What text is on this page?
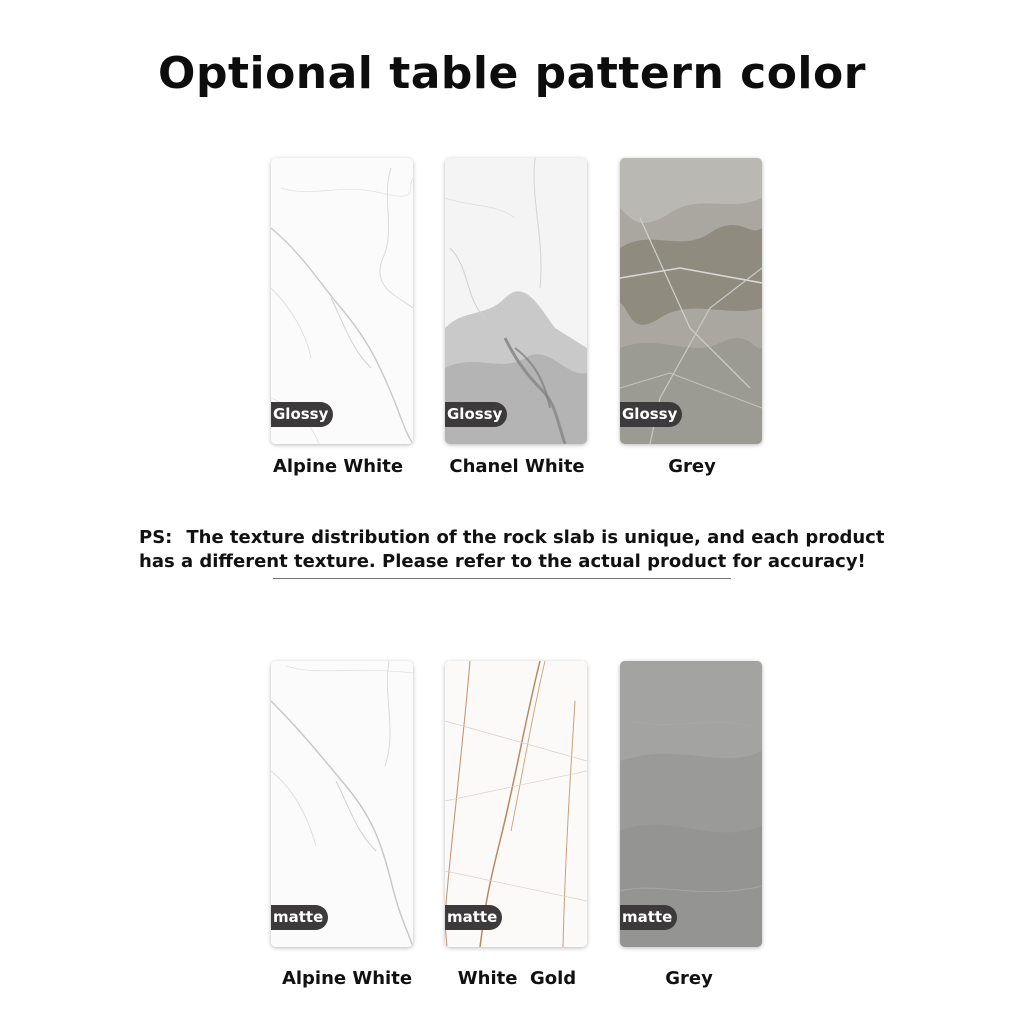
Optional table pattern color
Glossy	Glossy	Glossy
Alpine White	Chanel White	Grey
PS: The texture distribution of the rock slab is unique, and each product
has a different texture. Please refer to the actual product for accuracy!
matte	matte	matte
Alpine White	White  Gold	Grey
